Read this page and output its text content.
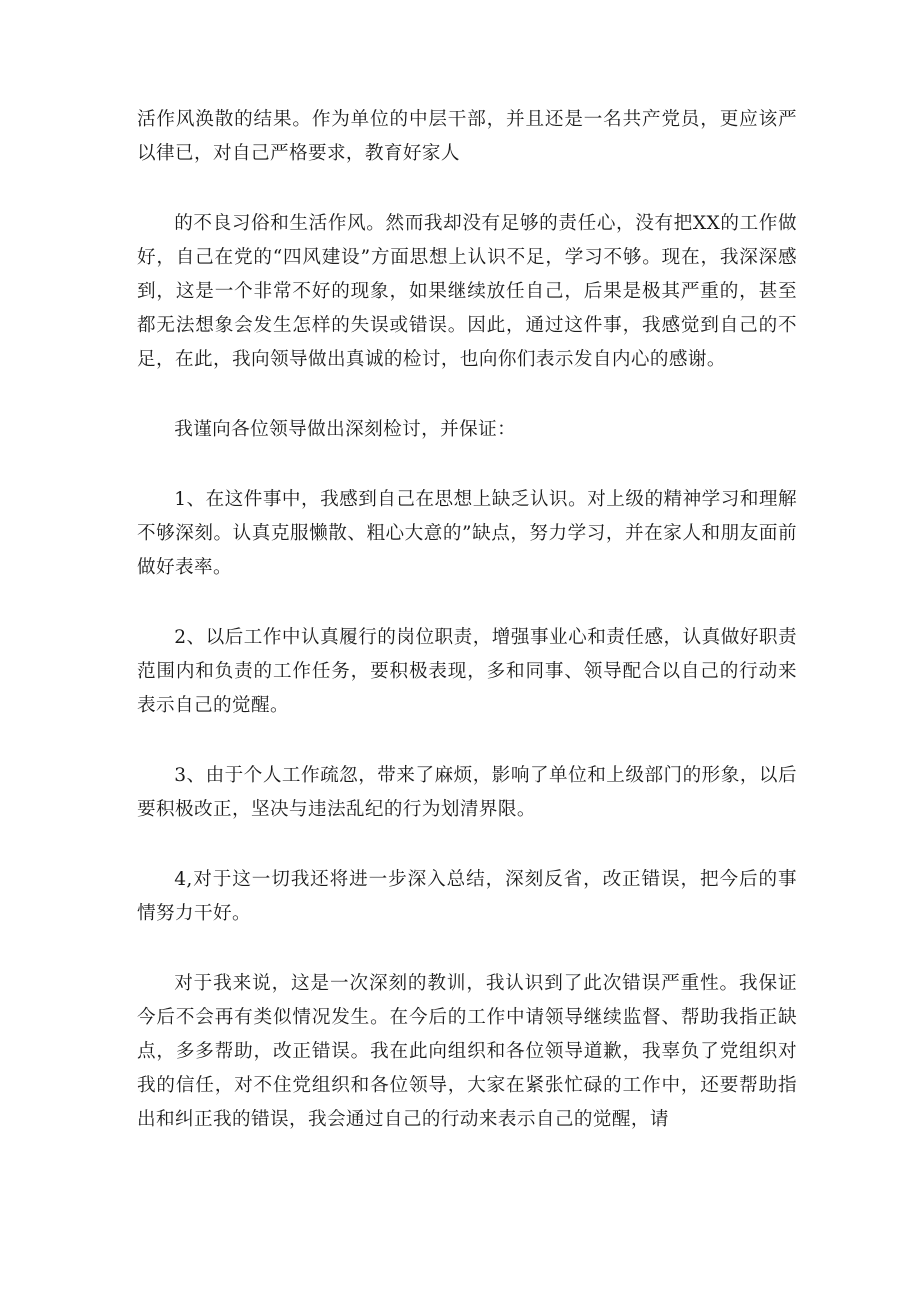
活作风涣散的结果。作为单位的中层干部，并且还是一名共产党员，更应该严以律已，对自己严格要求，教育好家人

的不良习俗和生活作风。然而我却没有足够的责任心，没有把XX的工作做好，自己在党的“四风建设”方面思想上认识不足，学习不够。现在，我深深感到，这是一个非常不好的现象，如果继续放任自己，后果是极其严重的，甚至都无法想象会发生怎样的失误或错误。因此，通过这件事，我感觉到自己的不足，在此，我向领导做出真诚的检讨，也向你们表示发自内心的感谢。

我谨向各位领导做出深刻检讨，并保证：

1、在这件事中，我感到自己在思想上缺乏认识。对上级的精神学习和理解不够深刻。认真克服懒散、粗心大意的”缺点，努力学习，并在家人和朋友面前做好表率。

2、以后工作中认真履行的岗位职责，增强事业心和责任感，认真做好职责范围内和负责的工作任务，要积极表现，多和同事、领导配合以自己的行动来表示自己的觉醒。

3、由于个人工作疏忽，带来了麻烦，影响了单位和上级部门的形象，以后要积极改正，坚决与违法乱纪的行为划清界限。

4,对于这一切我还将进一步深入总结，深刻反省，改正错误，把今后的事情努力干好。

对于我来说，这是一次深刻的教训，我认识到了此次错误严重性。我保证今后不会再有类似情况发生。在今后的工作中请领导继续监督、帮助我指正缺点，多多帮助，改正错误。我在此向组织和各位领导道歉，我辜负了党组织对我的信任，对不住党组织和各位领导，大家在紧张忙碌的工作中，还要帮助指出和纠正我的错误，我会通过自己的行动来表示自己的觉醒，请
